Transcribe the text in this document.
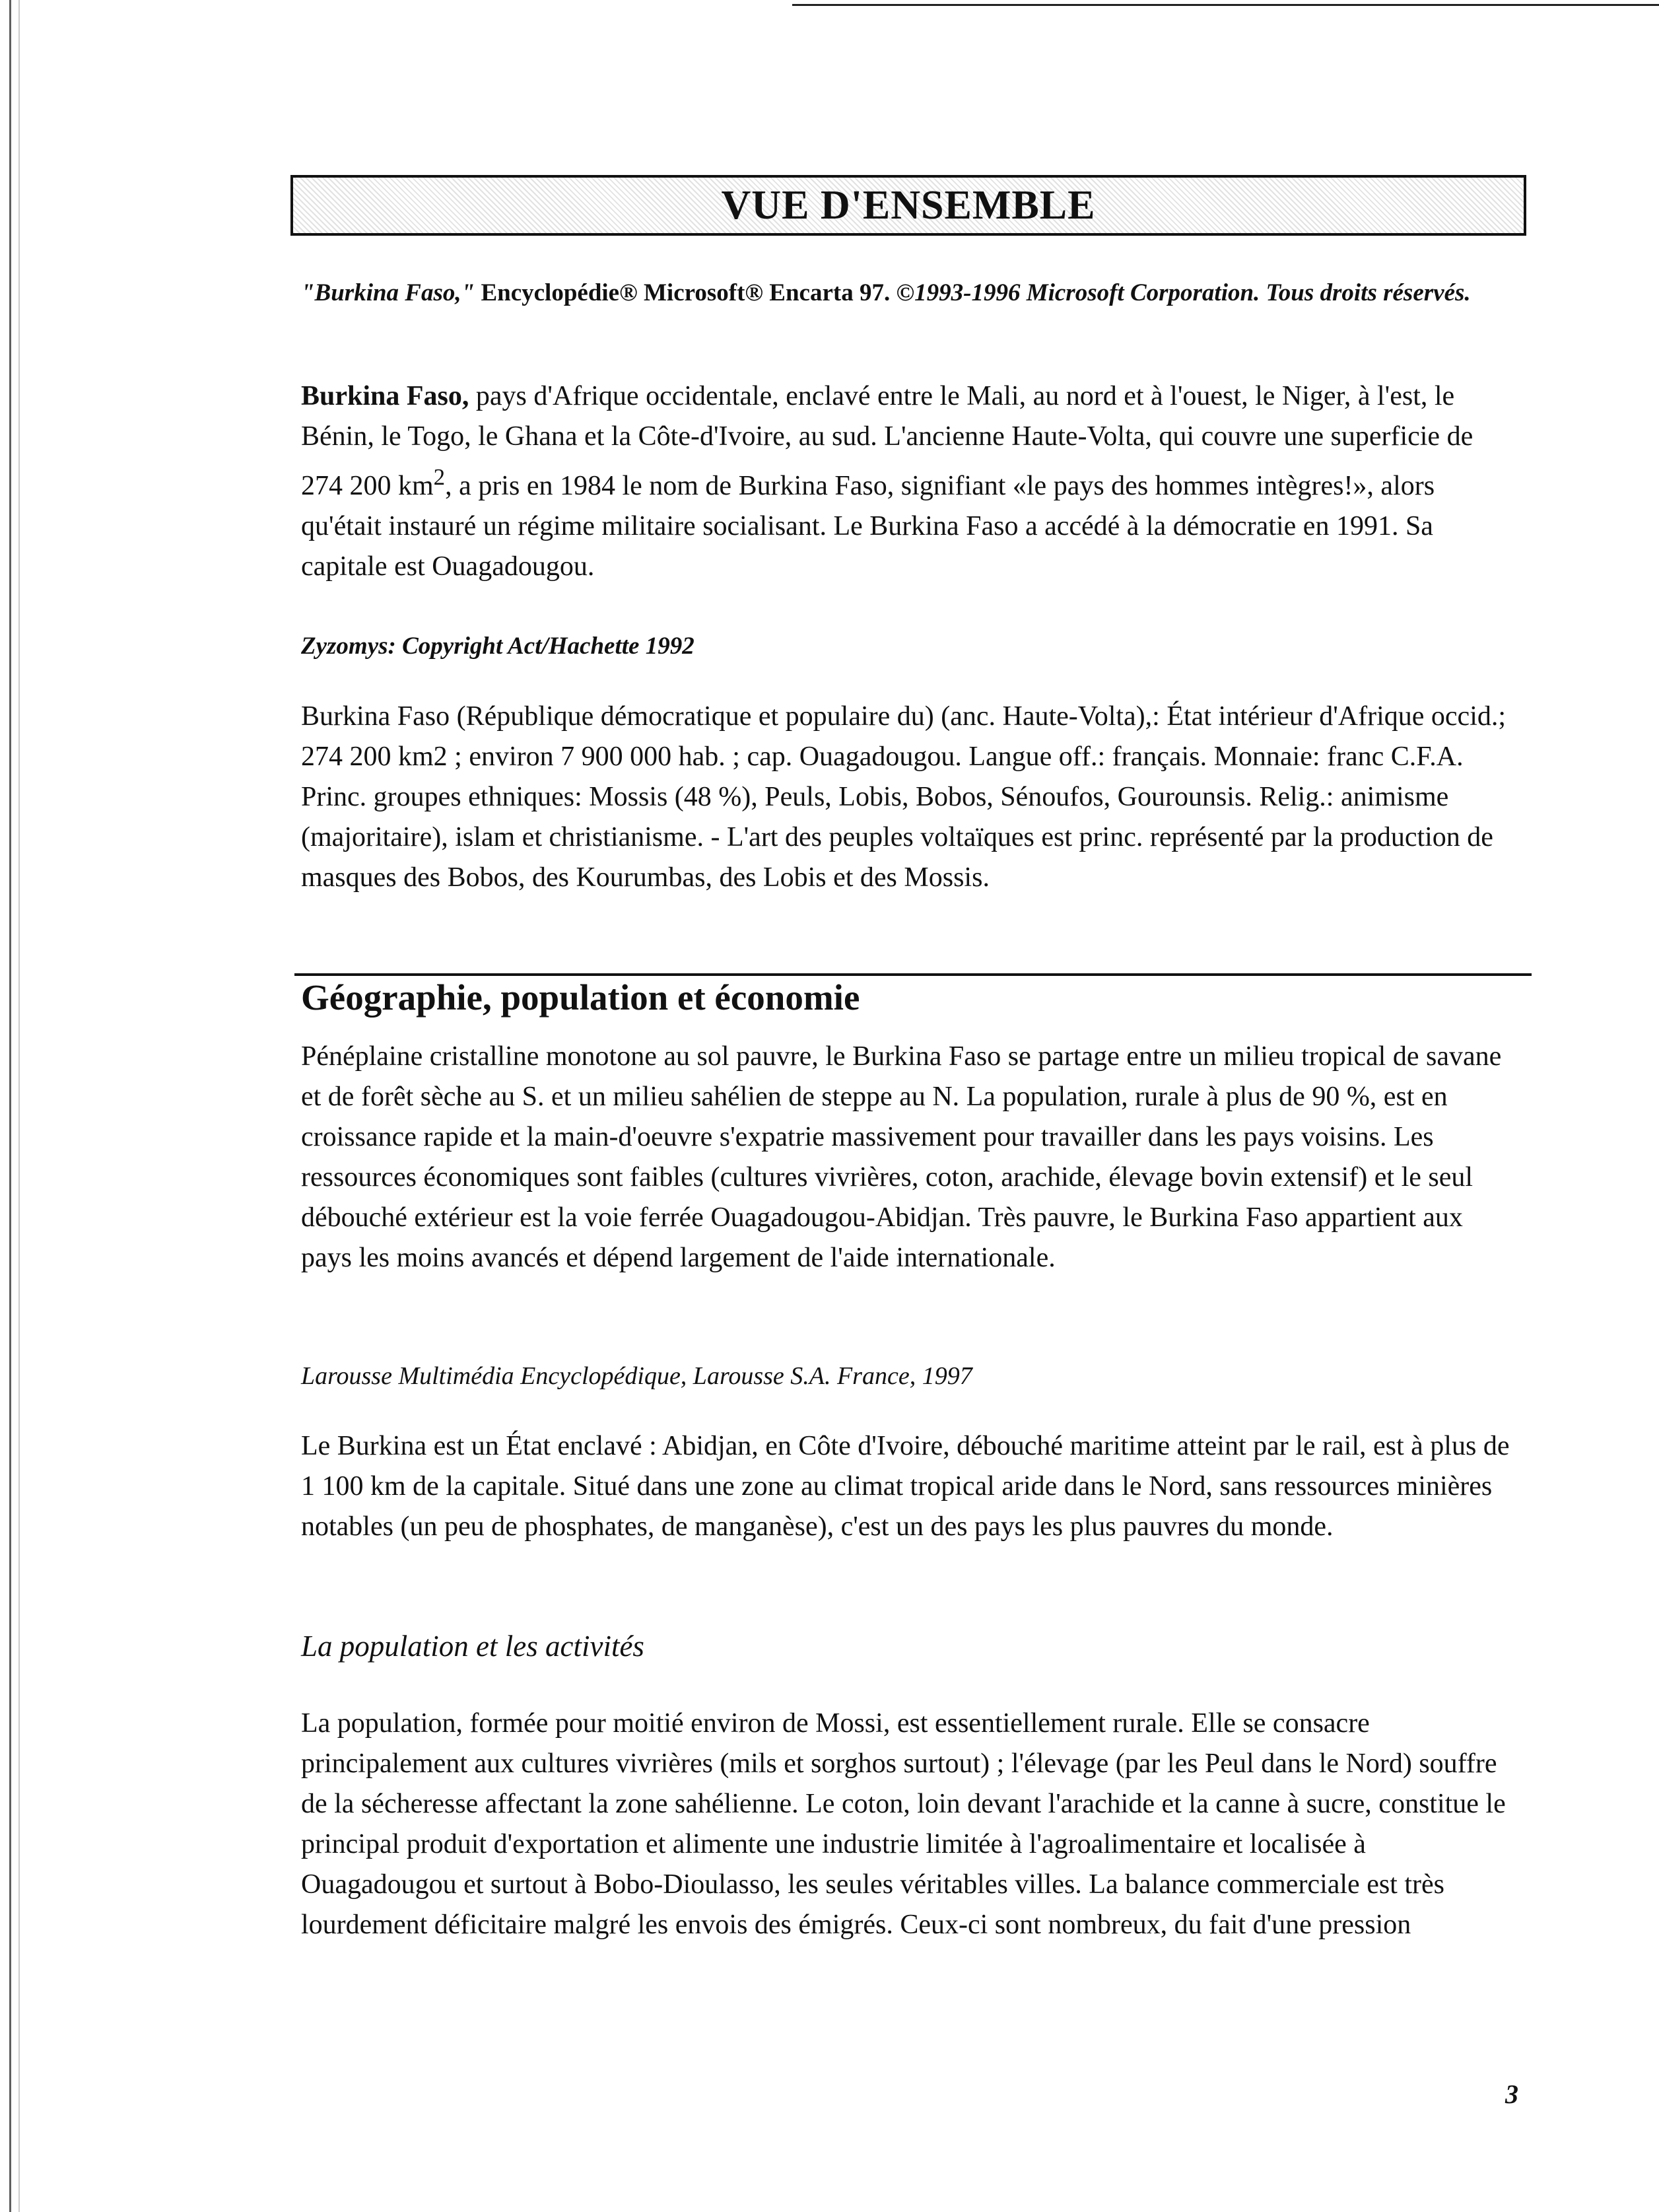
VUE D'ENSEMBLE
"Burkina Faso," Encyclopédie® Microsoft® Encarta 97. ©1993-1996 Microsoft Corporation. Tous droits réservés.
Burkina Faso, pays d'Afrique occidentale, enclavé entre le Mali, au nord et à l'ouest, le Niger, à l'est, le Bénin, le Togo, le Ghana et la Côte-d'Ivoire, au sud. L'ancienne Haute-Volta, qui couvre une superficie de 274 200 $km^2$, a pris en 1984 le nom de Burkina Faso, signifiant «le pays des hommes intègres!», alors qu'était instauré un régime militaire socialisant. Le Burkina Faso a accédé à la démocratie en 1991. Sa capitale est Ouagadougou.
Zyzomys: Copyright Act/Hachette 1992
Burkina Faso (République démocratique et populaire du) (anc. Haute-Volta),: État intérieur d'Afrique occid.; 274 200 km2 ; environ 7 900 000 hab. ; cap. Ouagadougou. Langue off.: français. Monnaie: franc C.F.A. Princ. groupes ethniques: Mossis (48 %), Peuls, Lobis, Bobos, Sénoufos, Gourounsis. Relig.: animisme (majoritaire), islam et christianisme. - L'art des peuples voltaïques est princ. représenté par la production de masques des Bobos, des Kourumbas, des Lobis et des Mossis.
Géographie, population et économie
Pénéplaine cristalline monotone au sol pauvre, le Burkina Faso se partage entre un milieu tropical de savane et de forêt sèche au S. et un milieu sahélien de steppe au N. La population, rurale à plus de 90 %, est en croissance rapide et la main-d'oeuvre s'expatrie massivement pour travailler dans les pays voisins. Les ressources économiques sont faibles (cultures vivrières, coton, arachide, élevage bovin extensif) et le seul débouché extérieur est la voie ferrée Ouagadougou-Abidjan. Très pauvre, le Burkina Faso appartient aux pays les moins avancés et dépend largement de l'aide internationale.
Larousse Multimédia Encyclopédique, Larousse S.A. France, 1997
Le Burkina est un État enclavé : Abidjan, en Côte d'Ivoire, débouché maritime atteint par le rail, est à plus de 1 100 km de la capitale. Situé dans une zone au climat tropical aride dans le Nord, sans ressources minières notables (un peu de phosphates, de manganèse), c'est un des pays les plus pauvres du monde.
La population et les activités
La population, formée pour moitié environ de Mossi, est essentiellement rurale. Elle se consacre principalement aux cultures vivrières (mils et sorghos surtout) ; l'élevage (par les Peul dans le Nord) souffre de la sécheresse affectant la zone sahélienne. Le coton, loin devant l'arachide et la canne à sucre, constitue le principal produit d'exportation et alimente une industrie limitée à l'agroalimentaire et localisée à Ouagadougou et surtout à Bobo-Dioulasso, les seules véritables villes. La balance commerciale est très lourdement déficitaire malgré les envois des émigrés. Ceux-ci sont nombreux, du fait d'une pression
3
